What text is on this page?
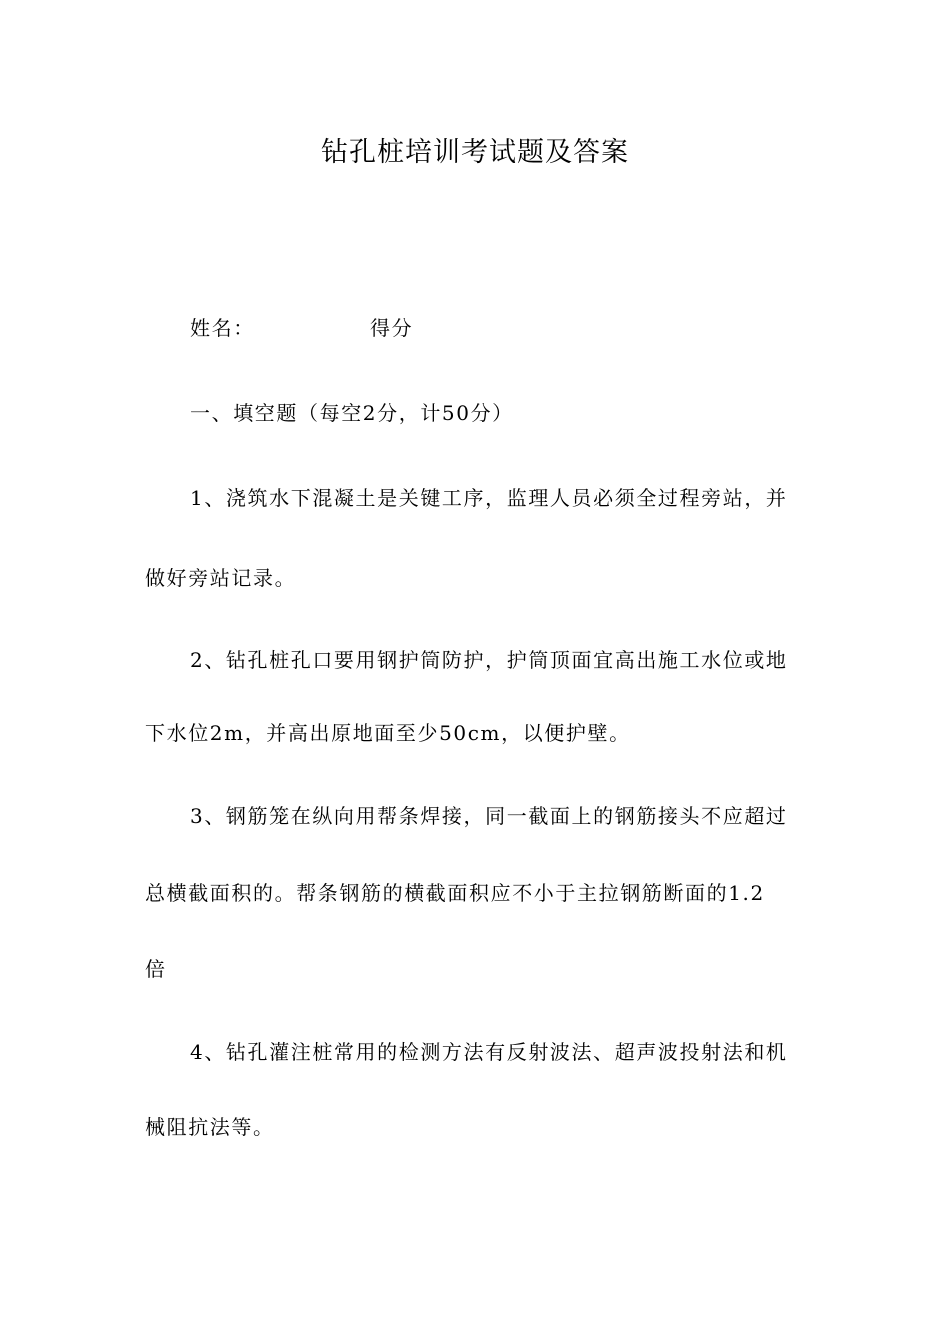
钻孔桩培训考试题及答案
姓名：	得分
一、填空题（每空2分，计50分）
1、浇筑水下混凝土是关键工序，监理人员必须全过程旁站，并
做好旁站记录。
2、钻孔桩孔口要用钢护筒防护，护筒顶面宜高出施工水位或地
下水位2m，并高出原地面至少50cm，以便护壁。
3、钢筋笼在纵向用帮条焊接，同一截面上的钢筋接头不应超过
总横截面积的。帮条钢筋的横截面积应不小于主拉钢筋断面的1.2
倍
4、钻孔灌注桩常用的检测方法有反射波法、超声波投射法和机
械阻抗法等。
